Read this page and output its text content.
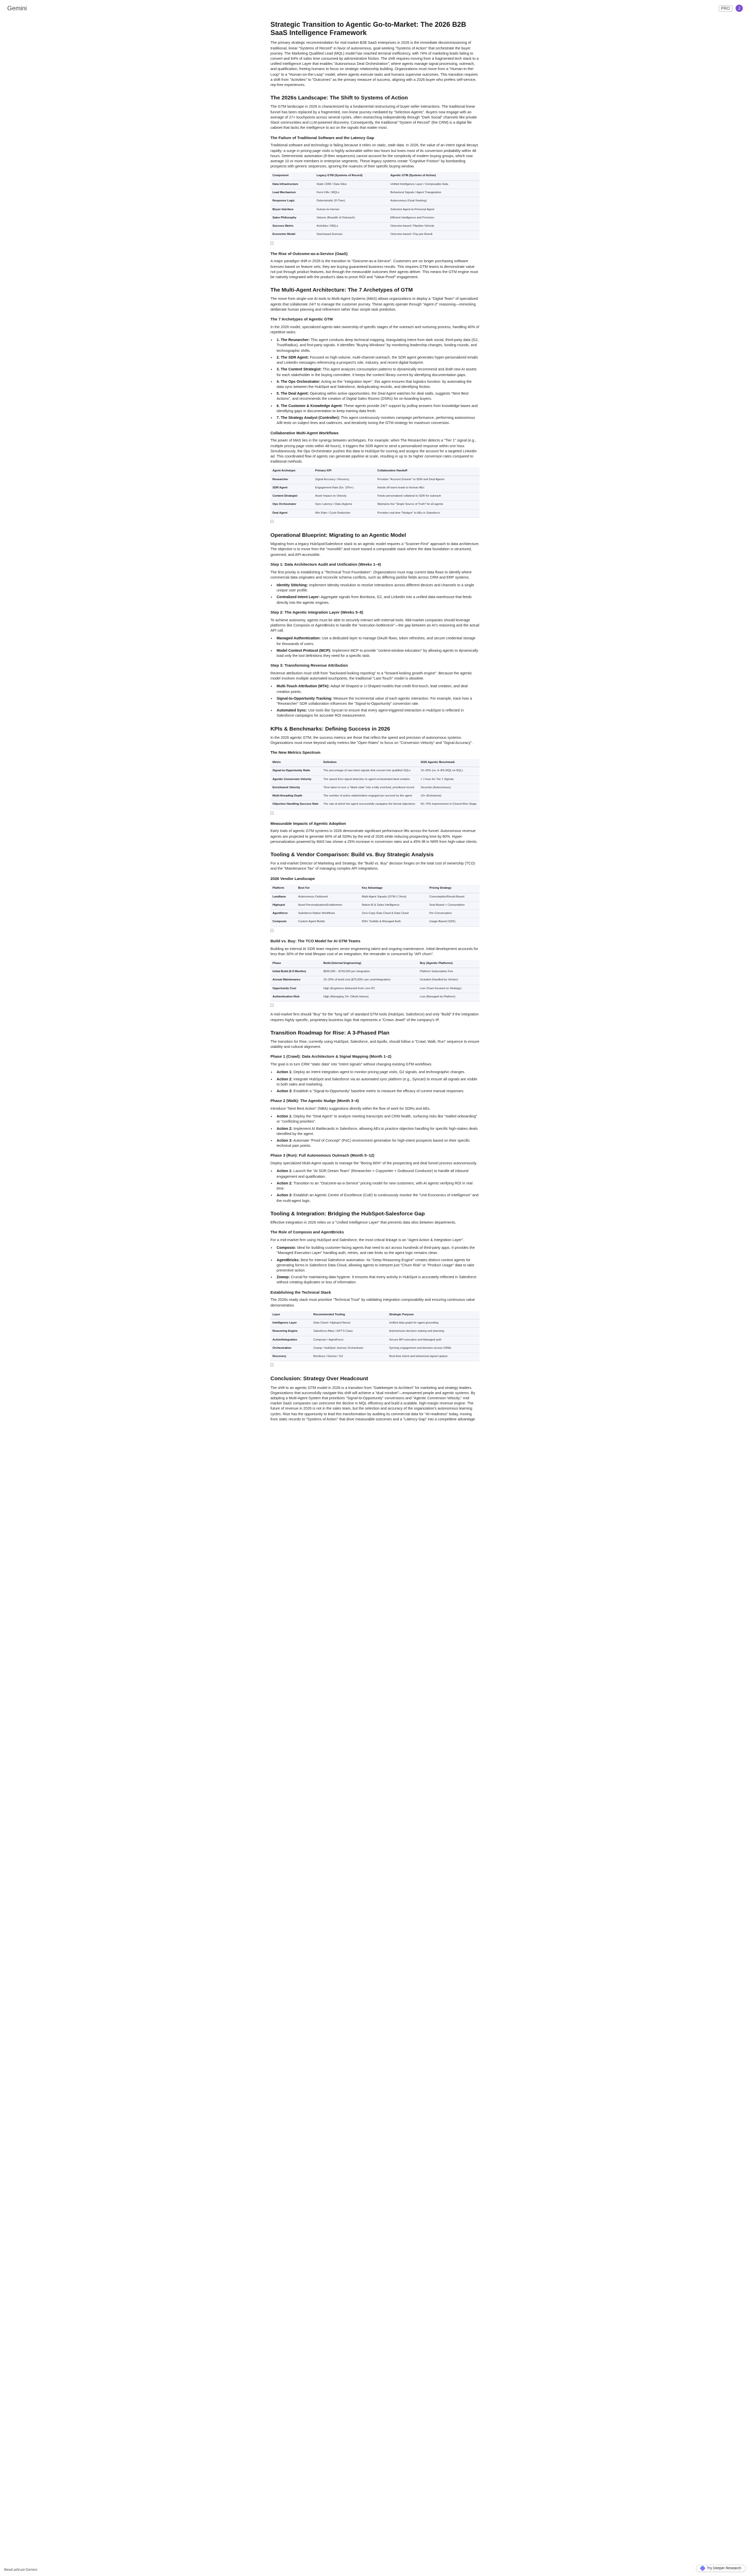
Gemini	PRO	J
Strategic Transition to Agentic Go-to-Market: The 2026 B2B SaaS Intelligence Framework

The primary strategic recommendation for mid-market B2B SaaS enterprises in 2026 is the immediate decommissioning of traditional, linear "Systems of Record" in favor of autonomous, goal-seeking "Systems of Action" that orchestrate the buyer journey. The Marketing Qualified Lead (MQL) model has reached terminal inefficiency, with 74% of marketing leads failing to convert and 64% of sales time consumed by administrative friction. The shift requires moving from a fragmented tech stack to a unified Intelligence Layer that enables "Autonomous Deal Orchestration"; where agents manage signal processing, outreach, and qualification, freeing humans to focus on strategic relationship building. Organizations must move from a "Human-in-the-Loop" to a "Human-on-the-Loop" model, where agents execute tasks and humans supervise outcomes. This transition requires a shift from "Activities" to "Outcomes" as the primary measure of success, aligning with a 2026 buyer who prefers self-service, rep-free experiences.

The 2026s Landscape: The Shift to Systems of Action

The GTM landscape in 2026 is characterized by a fundamental restructuring of buyer-seller interactions. The traditional linear funnel has been replaced by a fragmented, non-linear journey mediated by "Selection Agents". Buyers now engage with an average of 27+ touchpoints across several cycles, often researching independently through "Dark Social" channels like private Slack communities and LLM-powered discovery. Consequently, the traditional "System of Record" (the CRM) is a digital file cabinet that lacks the intelligence to act on the signals that matter most.

The Failure of Traditional Software and the Latency Gap

Traditional software and technology is failing because it relies on static, stale data. In 2026, the value of an intent signal decays rapidly; a surge in pricing page visits is highly actionable within two hours but loses most of its conversion probability within 48 hours. Deterministic automation (if-then sequences) cannot account for the complexity of modern buying groups, which now average 10 or more members in enterprise segments. These legacy systems create "Cognitive Friction" by bombarding prospects with generic sequences, ignoring the nuances of their specific buying window.

Component	Legacy GTM (Systems of Record)	Agentic GTM (Systems of Action)
Data Infrastructure	Static CRM / Data Silos	Unified Intelligence Layer / Composable Data
Lead Mechanism	Form Fills / MQLs	Behavioral Signals / Agent Triangulation
Response Logic	Deterministic (If-Then)	Autonomous (Goal-Seeking)
Buyer Interface	Human-to-Human	Selection Agent-to-Personal Agent
Sales Philosophy	Volume (Breadth of Outreach)	Efficient Intelligence and Precision
Success Metric	Activities / MQLs	Outcome-based / Pipeline Velocity
Economic Model	Seat-based licenses	Outcome-based / Pay-per-Result
The Rise of Outcome-as-a-Service (OaaS)

A major paradigm shift in 2026 is the transition to "Outcome-as-a-Service". Customers are no longer purchasing software licenses based on feature sets; they are buying guaranteed business results. This requires GTM teams to demonstrate value not just through product features, but through the measurable outcomes their agents deliver. This means the GTM engine must be natively integrated with the product's data to prove ROI and "Value-Proof" engagement.

The Multi-Agent Architecture: The 7 Archetypes of GTM

The move from single-use AI tools to Multi-Agent Systems (MAS) allows organizations to deploy a "Digital Team" of specialized agents that collaborate 24/7 to manage the customer journey. These agents operate through "Agent-2" reasoning—mimicking deliberate human planning and refinement rather than simple task prediction.

The 7 Archetypes of Agentic GTM

In the 2026 model, specialized agents take ownership of specific stages of the outreach and nurturing process, handling 40% of repetitive tasks:

• 1. The Researcher: This agent conducts deep technical mapping, triangulating intent from dark social, third-party data (G2, TrustRadius), and first-party signals. It identifies "Buying Windows" by monitoring leadership changes, funding rounds, and technographic shifts.
• 2. The SDR Agent: Focused on high-volume, multi-channel outreach, the SDR agent generates hyper-personalized emails and LinkedIn messages referencing a prospect's role, industry, and recent digital footprint.
• 3. The Content Strategist: This agent analyzes consumption patterns to dynamically recommend and draft new AI assets for each stakeholder in the buying committee. It keeps the content library current by identifying documentation gaps.
• 4. The Ops Orchestrator: Acting as the "integration layer", this agent ensures that logistics function: by automating the data sync between the HubSpot and Salesforce, deduplicating records, and identifying friction.
• 5. The Deal Agent: Operating within active opportunities, the Deal Agent watches for deal stalls, suggests "Next Best Actions", and recommends the creation of Digital Sales Rooms (DSRs) for on-boarding buyers.
• 6. The Customer & Knowledge Agent: These agents provide 24/7 support by pulling answers from knowledge bases and identifying gaps in documentation to keep training data fresh.
• 7. The Strategy Analyst (Controller): This agent continuously monitors campaign performance, performing autonomous A/B tests on subject lines and cadences, and iteratively tuning the GTM strategy for maximum conversion.
Collaborative Multi-Agent Workflows

The power of MAS lies in the synergy between archetypes. For example, when The Researcher detects a "Tier 1" signal (e.g., multiple pricing page visits within 48 hours), it triggers the SDR Agent to send a personalized response within one hour. Simultaneously, the Ops Orchestrator pushes this data to HubSpot for scoring and assigns the account for a targeted LinkedIn ad. This coordinated flow of agents can generate pipeline at scale, resulting in up to 3x higher conversion rates compared to traditional methods.

Agent Archetype	Primary KPI	Collaborative Handoff
Researcher	Signal Accuracy / Recency	Provides "Account Dossier" to SDR and Deal Agents
SDR Agent	Engagement Rate (Ex: 15%+)	Hands off warm leads to Human AEs
Content Strategist	Asset Impact on Velocity	Feeds personalized collateral to SDR for outreach
Ops Orchestrator	Sync Latency / Data Hygiene	Maintains the "Single Source of Truth" for all agents
Deal Agent	Win Rate / Cycle Reduction	Provides real-time "Nudges" to AEs in Salesforce
Operational Blueprint: Migrating to an Agentic Model

Migrating from a legacy HubSpot/Salesforce stack to an agentic model requires a "Scanner-First" approach to data architecture. The objective is to move from the "monolith" and move toward a composable stack where the data foundation is structured, governed, and API-accessible.

Step 1: Data Architecture Audit and Unification (Weeks 1–4)

The first priority is establishing a "Technical Trust Foundation". Organizations must map current data flows to identify where commercial data originates and reconcile schema conflicts, such as differing picklist fields across CRM and ERP systems.

• Identity Stitching: Implement Identity resolution to resolve interactions across different devices and channels to a single unique user profile.
• Centralized Intent Layer: Aggregate signals from Bombora, G2, and LinkedIn into a unified data warehouse that feeds directly into the agentic engines.
Step 2: The Agentic Integration Layer (Weeks 5–8)

To achieve autonomy, agents must be able to securely interact with external tools. Mid-market companies should leverage platforms like Composio or AgentBricks to handle the "execution bottleneck"—the gap between an AI's reasoning and the actual API call.

• Managed Authentication: Use a dedicated layer to manage OAuth flows, token refreshes, and secure credential storage for thousands of users.
• Model Context Protocol (MCP): Implement MCP to provide "context-window education" by allowing agents to dynamically load only the tool definitions they need for a specific task.
Step 3: Transforming Revenue Attribution

Revenue attribution must shift from "backward-looking reporting" to a "forward-looking growth engine". Because the agentic model involves multiple automated touchpoints, the traditional "Last-Touch" model is obsolete.

• Multi-Touch Attribution (MTA): Adopt W-Shaped or U-Shaped models that credit first-touch, lead creation, and deal creation points.
• Signal-to-Opportunity Tracking: Measure the incremental value of each agentic interaction. For example, track how a "Researcher" SDR collaboration influences the "Signal-to-Opportunity" conversion rate.
• Automated Sync: Use tools like Syncari to ensure that every agent-triggered interaction in HubSpot is reflected in Salesforce campaigns for accurate ROI measurement.
KPIs & Benchmarks: Defining Success in 2026

In the 2026 agentic GTM, the success metrics are those that reflect the speed and precision of autonomous systems. Organizations must move beyond vanity metrics like "Open Rates" to focus on "Conversion Velocity" and "Signal Accuracy".

The New Metrics Spectrum
Metric	Definition	2026 Agentic Benchmark
Signal-to-Opportunity Ratio	The percentage of raw intent signals that convert into qualified SQLs	15–25% (vs. 6–8% MQL-to-SQL)
Agentic Conversion Velocity	The speed from signal detection to agent-orchestrated deal creation	< 1 hour for Tier 1 Signals
Enrichment Velocity	Time taken to turn a "blank slate" into a fully enriched, prioritized record	Seconds (Autonomous)
Multi-threading Depth	The number of active stakeholders engaged per account by the agent	10+ (Enterprise)
Objection Handling Success Rate	The rate at which the agent successfully navigates the formal objections	60–70% improvement in Closed-Won Stage
Measurable Impacts of Agentic Adoption

Early trials of agentic GTM systems in 2026 demonstrate significant performance lifts across the funnel. Autonomous revenue agents are projected to generate 60% of all SDRs by the end of 2026 while reducing prospecting time by 80%. Hyper-personalization powered by MAS has shown a 25% increase in conversion rates and a 45% lift in NRR from high-value clients.

Tooling & Vendor Comparison: Build vs. Buy Strategic Analysis

For a mid-market Director of Marketing and Strategy, the "Build vs. Buy" decision hinges on the total cost of ownership (TCO) and the "Maintenance Tax" of managing complex API integrations.

2026 Vendor Landscape
Platform	Best For	Key Advantage	Pricing Strategy
Landbase	Autonomous Outbound	Multi-Agent Squads (GTM-1 Omni)	Consumption/Result-Based
Highspot	Asset Personalization/Enablement	Native AI & Sales Intelligence	Seat-Based + Consumption
Agentforce	Salesforce-Native Workflows	Zero-Copy Data Cloud & Data Cloud	Per-Conversation
Composio	Custom Agent Builds	500+ Toolkits & Managed Auth	Usage-Based (SDK)
Build vs. Buy: The TCO Model for AI GTM Teams

Building an internal AI SDR team requires senior engineering talent and ongoing maintenance. Initial development accounts for less than 30% of the total lifespan cost of an integration; the remainder is consumed by "API churn".

Phase	Build (Internal Engineering)	Buy (Agentic Platforms)
Initial Build (6-9 Months)	$500,000 – $750,000 per integration	Platform Subscription Fee
Annual Maintenance	15–20% of build cost ($75,000+ per year/integration)	Included (Handled by Vendor)
Opportunity Cost	High (Engineers distracted from core IP)	Low (Team focused on Strategy)
Authentication Risk	High (Managing 10+ OAuth tokens)	Low (Managed by Platform)

A mid-market firm should "Buy" for the "long tail" of standard GTM tools (HubSpot, Salesforce) and only "Build" if the integration requires highly specific, proprietary business logic that represents a "Crown Jewel" of the company's IP.

Transition Roadmap for Rise: A 3-Phased Plan

The transition for Rise, currently using HubSpot, Salesforce, and Apollo, should follow a "Crawl, Walk, Run" sequence to ensure stability and cultural alignment.

Phase 1 (Crawl): Data Architecture & Signal Mapping (Month 1–2)

The goal is to turn CRM "static data" into "intent signals" without changing existing GTM workflows.

• Action 1: Deploy an Intent Integration agent to monitor pricing page visits, G2 signals, and technographic changes.
• Action 2: Integrate HubSpot and Salesforce via an automated sync platform (e.g., Syncari) to ensure all signals are visible to both sales and marketing.
• Action 3: Establish a "Signal-to-Opportunity" baseline metric to measure the efficacy of current manual responses.
Phase 2 (Walk): The Agentic Nudge (Month 3–4)

Introduce "Next Best Action" (NBA) suggestions directly within the flow of work for SDRs and AEs.

• Action 1: Deploy the "Deal Agent" to analyze meeting transcripts and CRM health, surfacing risks like "stalled onboarding" or "conflicting priorities".
• Action 2: Implement AI Battlecards in Salesforce, allowing AEs to practice objection handling for specific high-stakes deals identified by the agent.
• Action 3: Automate "Proof of Concept" (PoC) environment generation for high-intent prospects based on their specific technical pain points.
Phase 3 (Run): Full Autonomous Outreach (Month 5–12)

Deploy specialized Multi-Agent squads to manage the "Boring 80%" of the prospecting and deal funnel process autonomously.

• Action 1: Launch the "AI SDR Dream Team" (Researcher + Copywriter + Outbound Conductor) to handle all inbound engagement and qualification.
• Action 2: Transition to an "Outcome-as-a-Service" pricing model for new customers, with AI agents verifying ROI in real time.
• Action 3: Establish an Agentic Centre of Excellence (CoE) to continuously monitor the "Unit Economics of Intelligence" and the multi-agent logic.
Tooling & Integration: Bridging the HubSpot-Salesforce Gap

Effective integration in 2026 relies on a "Unified Intelligence Layer" that prevents data silos between departments.

The Role of Composio and AgentBricks

For a mid-market firm using HubSpot and Salesforce, the most critical linkage is an "Agent Action & Integration Layer".

• Composio: Ideal for building customer-facing agents that need to act across hundreds of third-party apps. It provides the "Managed Execution Layer" handling auth, retries, and rate limits so the agent logic remains clean.
• AgentBricks: Best for internal Salesforce automation. Its "Deep Reasoning Engine" creates distinct context agents for generating forms in Salesforce Data Cloud, allowing agents to interpret just "Churn Risk" or "Product Usage" data to take preventive action.
• Zowop: Crucial for maintaining data hygiene. It ensures that every activity in HubSpot is accurately reflected in Salesforce without creating duplicates or loss of information.
Establishing the Technical Stack

The 2026s ready stack must prioritize "Technical Trust" by validating integration composability and ensuring continuous value demonstration.

Layer	Recommended Tooling	Strategic Purpose
Intelligence Layer	Data Cloud / Highspot Nexus	Unified data graph for agent grounding
Reasoning Engine	Salesforce Atlas / GPT-5 Class	Autonomous decision making and planning
Action/Integration	Composio / AgentForce	Secure API execution and Managed auth
Orchestration	Zowop / HubSpot Journey Orchestrator	Syncing engagement and decision across CRMs
Discovery	Bombora / 6sense / G2	Real-time intent and behavioral signal capture
Conclusion: Strategy Over Headcount

The shift to an agentic GTM model in 2026 is a transition from "Gatekeeper to Architect" for marketing and strategy leaders. Organizations that successfully navigate this shift will achieve a "dual mindset"—empowered people and agentic systems. By adopting a Multi-Agent System that prioritizes "Signal-to-Opportunity" conversions and "Agentic Conversion Velocity," mid-market SaaS companies can overcome the decline in MQL efficiency and build a scalable, high-margin revenue engine. The future of revenue in 2026 is not in the sales team, but the selection and accuracy of the organization's autonomous learning cycles. Rise has the opportunity to lead this transformation by auditing its commercial data for "AI-readiness" today, moving from static records to "Systems of Action" that drive measurable outcomes and a "Latency Gap" into a competitive advantage.

Bewil.ai/trust-Gemini	Try Deeper Research
